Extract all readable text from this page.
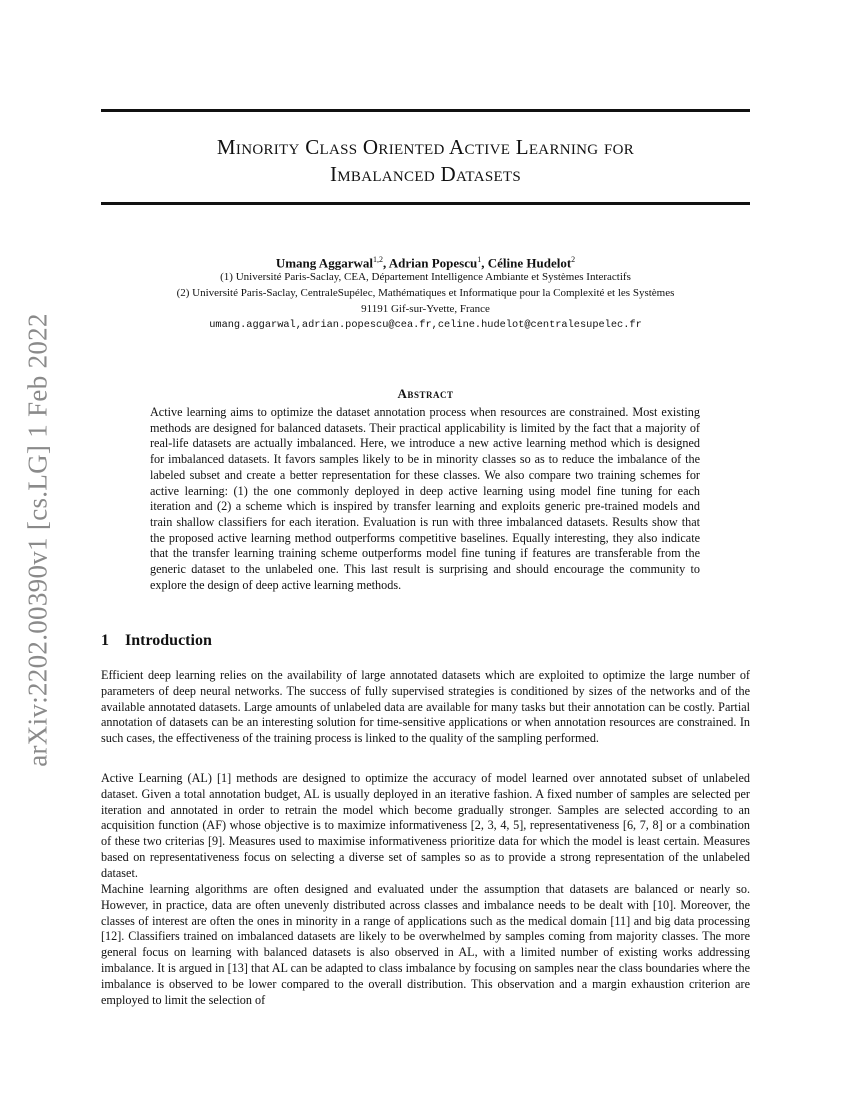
arXiv:2202.00390v1 [cs.LG] 1 Feb 2022
Minority Class Oriented Active Learning for
Imbalanced Datasets
Umang Aggarwal$^{1,2}$, Adrian Popescu$^1$, Céline Hudelot$^2$
(1) Université Paris-Saclay, CEA, Département Intelligence Ambiante et Systèmes Interactifs
(2) Université Paris-Saclay, CentraleSupélec, Mathématiques et Informatique pour la Complexité et les Systèmes
91191 Gif-sur-Yvette, France
umang.aggarwal,adrian.popescu@cea.fr,celine.hudelot@centralesupelec.fr
Abstract
Active learning aims to optimize the dataset annotation process when resources are constrained. Most existing methods are designed for balanced datasets. Their practical applicability is limited by the fact that a majority of real-life datasets are actually imbalanced. Here, we introduce a new active learning method which is designed for imbalanced datasets. It favors samples likely to be in minority classes so as to reduce the imbalance of the labeled subset and create a better representation for these classes. We also compare two training schemes for active learning: (1) the one commonly deployed in deep active learning using model fine tuning for each iteration and (2) a scheme which is inspired by transfer learning and exploits generic pre-trained models and train shallow classifiers for each iteration. Evaluation is run with three imbalanced datasets. Results show that the proposed active learning method outperforms competitive baselines. Equally interesting, they also indicate that the transfer learning training scheme outperforms model fine tuning if features are transferable from the generic dataset to the unlabeled one. This last result is surprising and should encourage the community to explore the design of deep active learning methods.
1 Introduction
Efficient deep learning relies on the availability of large annotated datasets which are exploited to optimize the large number of parameters of deep neural networks. The success of fully supervised strategies is conditioned by sizes of the networks and of the available annotated datasets. Large amounts of unlabeled data are available for many tasks but their annotation can be costly. Partial annotation of datasets can be an interesting solution for time-sensitive applications or when annotation resources are constrained. In such cases, the effectiveness of the training process is linked to the quality of the sampling performed.
Active Learning (AL) [1] methods are designed to optimize the accuracy of model learned over annotated subset of unlabeled dataset. Given a total annotation budget, AL is usually deployed in an iterative fashion. A fixed number of samples are selected per iteration and annotated in order to retrain the model which become gradually stronger. Samples are selected according to an acquisition function (AF) whose objective is to maximize informativeness [2, 3, 4, 5], representativeness [6, 7, 8] or a combination of these two criterias [9]. Measures used to maximise informativeness prioritize data for which the model is least certain. Measures based on representativeness focus on selecting a diverse set of samples so as to provide a strong representation of the unlabeled dataset.
Machine learning algorithms are often designed and evaluated under the assumption that datasets are balanced or nearly so. However, in practice, data are often unevenly distributed across classes and imbalance needs to be dealt with [10]. Moreover, the classes of interest are often the ones in minority in a range of applications such as the medical domain [11] and big data processing [12]. Classifiers trained on imbalanced datasets are likely to be overwhelmed by samples coming from majority classes. The more general focus on learning with balanced datasets is also observed in AL, with a limited number of existing works addressing imbalance. It is argued in [13] that AL can be adapted to class imbalance by focusing on samples near the class boundaries where the imbalance is observed to be lower compared to the overall distribution. This observation and a margin exhaustion criterion are employed to limit the selection of
